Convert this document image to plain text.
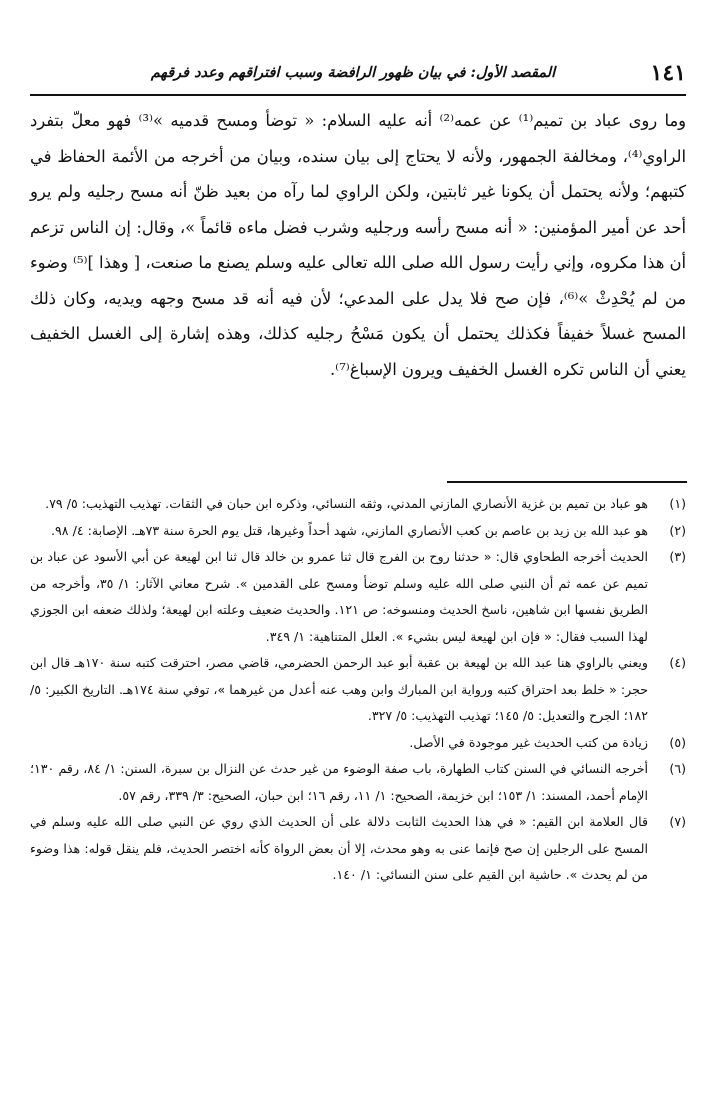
١٤١
المقصد الأول: في بيان ظهور الرافضة وسبب افتراقهم وعدد فرقهم

وما روى عباد بن تميم⁽¹⁾ عن عمه⁽²⁾ أنه عليه السلام: « توضأ ومسح قدميه »⁽³⁾ فهو معلّ بتفرد الراوي⁽⁴⁾، ومخالفة الجمهور، ولأنه لا يحتاج إلى بيان سنده، وبيان من أخرجه من الأئمة الحفاظ في كتبهم؛ ولأنه يحتمل أن يكونا غير ثابتين، ولكن الراوي لما رآه من بعيد ظنّ أنه مسح رجليه ولم يرو أحد عن أمير المؤمنين: « أنه مسح رأسه ورجليه وشرب فضل ماءه قائماً »، وقال: إن الناس تزعم أن هذا مكروه، وإني رأيت رسول الله صلى الله تعالى عليه وسلم يصنع ما صنعت، [ وهذا ]⁽⁵⁾ وضوء من لم يُحْدِثْ »⁽⁶⁾، فإن صح فلا يدل على المدعي؛ لأن فيه أنه قد مسح وجهه ويديه، وكان ذلك المسح غسلاً خفيفاً فكذلك يحتمل أن يكون مَسْحُ رجليه كذلك، وهذه إشارة إلى الغسل الخفيف يعني أن الناس تكره الغسل الخفيف ويرون الإسباغ⁽⁷⁾.

(١)
هو عباد بن تميم بن غزية الأنصاري المازني المدني، وثقه النسائي، وذكره ابن حبان في الثقات. تهذيب التهذيب: ٥/ ٧٩.
(٢)
هو عبد الله بن زيد بن عاصم بن كعب الأنصاري المازني، شهد أحداً وغيرها، قتل يوم الحرة سنة ٧٣هـ. الإصابة: ٤/ ٩٨.
(٣)
الحديث أخرجه الطحاوي قال: « حدثنا روح بن الفرج قال ثنا عمرو بن خالد قال ثنا ابن لهيعة عن أبي الأسود عن عباد بن تميم عن عمه ثم أن النبي صلى الله عليه وسلم توضأ ومسح على القدمين ». شرح معاني الآثار: ١/ ٣٥، وأخرجه من الطريق نفسها ابن شاهين، ناسخ الحديث ومنسوخه: ص ١٢١. والحديث ضعيف وعلته ابن لهيعة؛ ولذلك ضعفه ابن الجوزي لهذا السبب فقال: « فإن ابن لهيعة ليس بشيء ». العلل المتناهية: ١/ ٣٤٩.
(٤)
ويعني بالراوي هنا عبد الله بن لهيعة بن عقبة أبو عبد الرحمن الحضرمي، قاضي مصر، احترقت كتبه سنة ١٧٠هـ قال ابن حجر: « خلط بعد احتراق كتبه ورواية ابن المبارك وابن وهب عنه أعدل من غيرهما »، توفي سنة ١٧٤هـ. التاريخ الكبير: ٥/ ١٨٢؛ الجرح والتعديل: ٥/ ١٤٥؛ تهذيب التهذيب: ٥/ ٣٢٧.
(٥)
زيادة من كتب الحديث غير موجودة في الأصل.
(٦)
أخرجه النسائي في السنن كتاب الطهارة، باب صفة الوضوء من غير حدث عن النزال بن سبرة، السنن: ١/ ٨٤، رقم ١٣٠؛ الإمام أحمد، المسند: ١/ ١٥٣؛ ابن خزيمة، الصحيح: ١/ ١١، رقم ١٦؛ ابن حبان، الصحيح: ٣/ ٣٣٩، رقم ٥٧.
(٧)
قال العلامة ابن القيم: « في هذا الحديث الثابت دلالة على أن الحديث الذي روي عن النبي صلى الله عليه وسلم في المسح على الرجلين إن صح فإنما عنى به وهو محدث، إلا أن بعض الرواة كأنه اختصر الحديث، فلم ينقل قوله: هذا وضوء من لم يحدث ». حاشية ابن القيم على سنن النسائي: ١/ ١٤٠.
